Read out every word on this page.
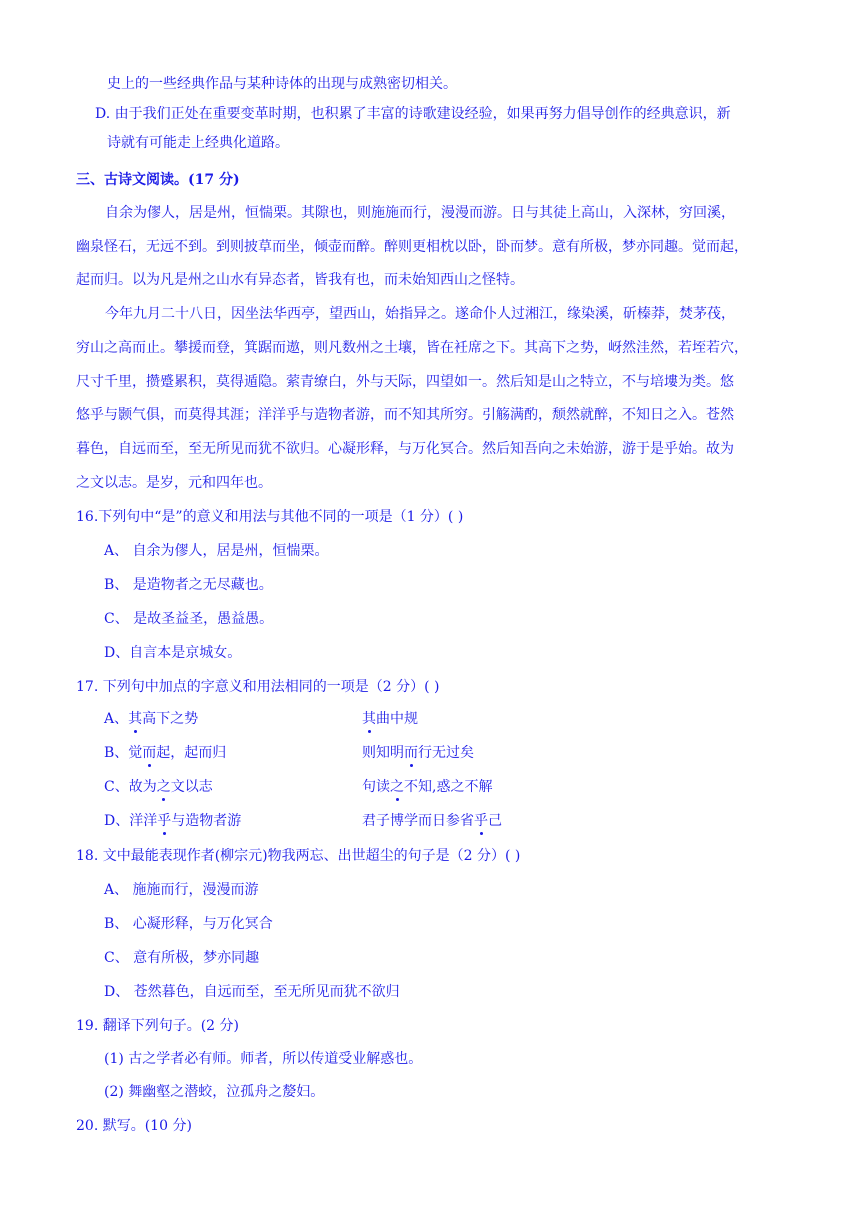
史上的一些经典作品与某种诗体的出现与成熟密切相关。
D. 由于我们正处在重要变革时期，也积累了丰富的诗歌建设经验，如果再努力倡导创作的经典意识，新
诗就有可能走上经典化道路。
三、古诗文阅读。(17 分)
自余为僇人，居是州，恒惴栗。其隙也，则施施而行，漫漫而游。日与其徒上高山，入深林，穷回溪，
幽泉怪石，无远不到。到则披草而坐，倾壶而醉。醉则更相枕以卧，卧而梦。意有所极，梦亦同趣。觉而起，
起而归。以为凡是州之山水有异态者，皆我有也，而未始知西山之怪特。
今年九月二十八日，因坐法华西亭，望西山，始指异之。遂命仆人过湘江，缘染溪，斫榛莽，焚茅茷，
穷山之高而止。攀援而登，箕踞而遨，则凡数州之土壤，皆在衽席之下。其高下之势，岈然洼然，若垤若穴，
尺寸千里，攒蹙累积，莫得遁隐。萦青缭白，外与天际，四望如一。然后知是山之特立，不与培塿为类。悠
悠乎与颢气俱，而莫得其涯；洋洋乎与造物者游，而不知其所穷。引觞满酌，颓然就醉，不知日之入。苍然
暮色，自远而至，至无所见而犹不欲归。心凝形释，与万化冥合。然后知吾向之未始游，游于是乎始。故为
之文以志。是岁，元和四年也。
16.下列句中“是”的意义和用法与其他不同的一项是（1 分）( )
A、 自余为僇人，居是州，恒惴栗。
B、 是造物者之无尽藏也。
C、 是故圣益圣，愚益愚。
D、自言本是京城女。
17. 下列句中加点的字意义和用法相同的一项是（2 分）( )
A、其高下之势	其曲中规
B、觉而起，起而归	则知明而行无过矣
C、故为之文以志	句读之不知,惑之不解
D、洋洋乎与造物者游	君子博学而日参省乎己
18. 文中最能表现作者(柳宗元)物我两忘、出世超尘的句子是（2 分）( )
A、 施施而行，漫漫而游
B、 心凝形释，与万化冥合
C、 意有所极，梦亦同趣
D、 苍然暮色，自远而至，至无所见而犹不欲归
19. 翻译下列句子。(2 分)
(1) 古之学者必有师。师者，所以传道受业解惑也。
(2) 舞幽壑之潜蛟，泣孤舟之嫠妇。
20. 默写。(10 分)
